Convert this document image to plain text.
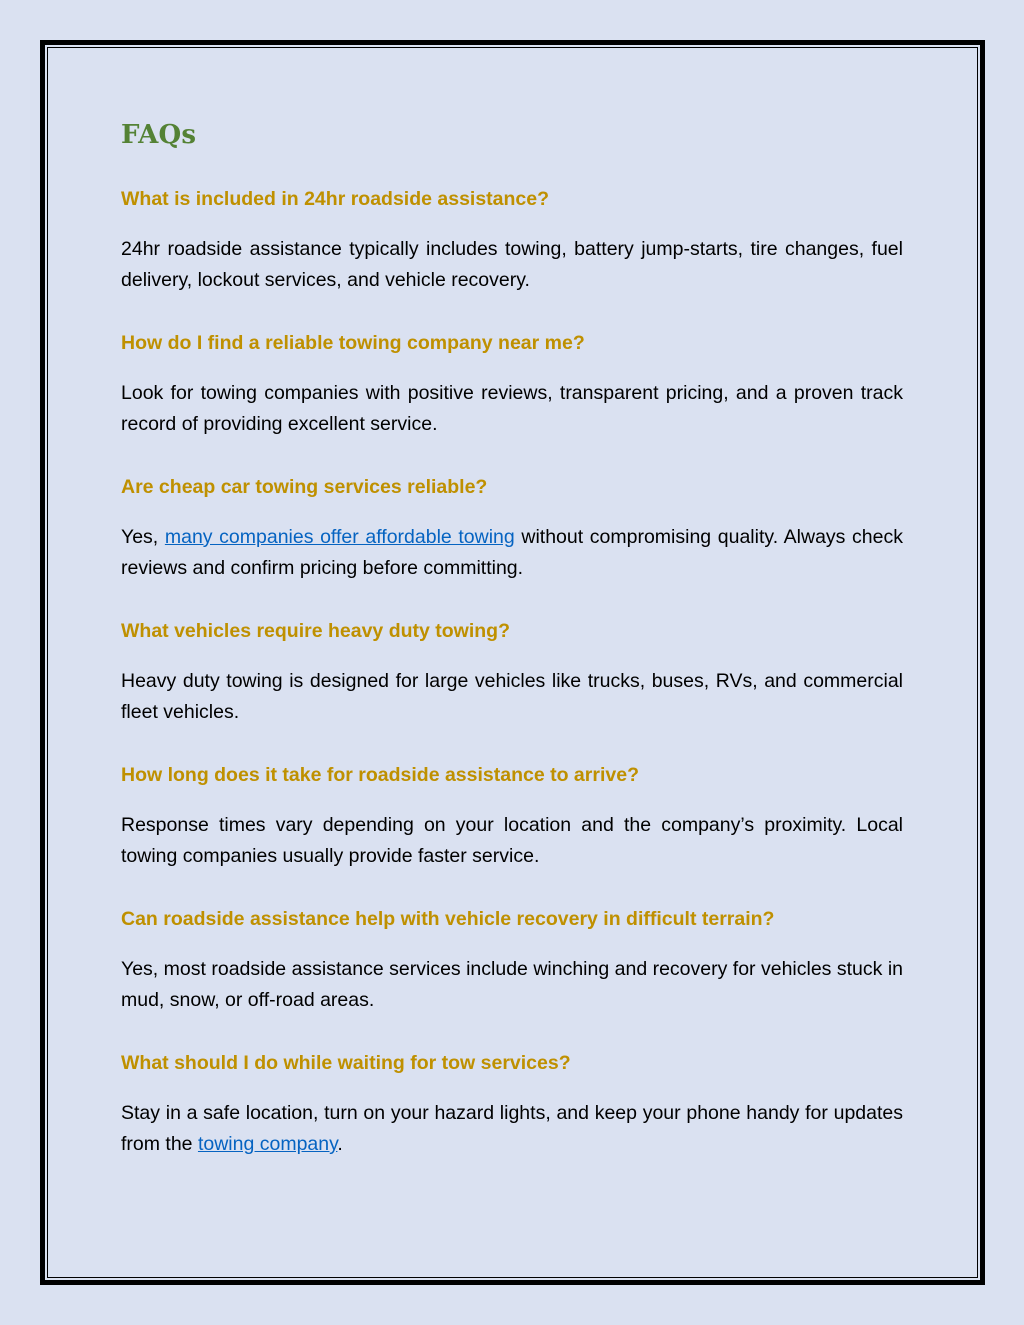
FAQs
What is included in 24hr roadside assistance?
24hr roadside assistance typically includes towing, battery jump-starts, tire changes, fuel delivery, lockout services, and vehicle recovery.
How do I find a reliable towing company near me?
Look for towing companies with positive reviews, transparent pricing, and a proven track record of providing excellent service.
Are cheap car towing services reliable?
Yes, many companies offer affordable towing without compromising quality. Always check reviews and confirm pricing before committing.
What vehicles require heavy duty towing?
Heavy duty towing is designed for large vehicles like trucks, buses, RVs, and commercial fleet vehicles.
How long does it take for roadside assistance to arrive?
Response times vary depending on your location and the company’s proximity. Local towing companies usually provide faster service.
Can roadside assistance help with vehicle recovery in difficult terrain?
Yes, most roadside assistance services include winching and recovery for vehicles stuck in mud, snow, or off-road areas.
What should I do while waiting for tow services?
Stay in a safe location, turn on your hazard lights, and keep your phone handy for updates from the towing company.
